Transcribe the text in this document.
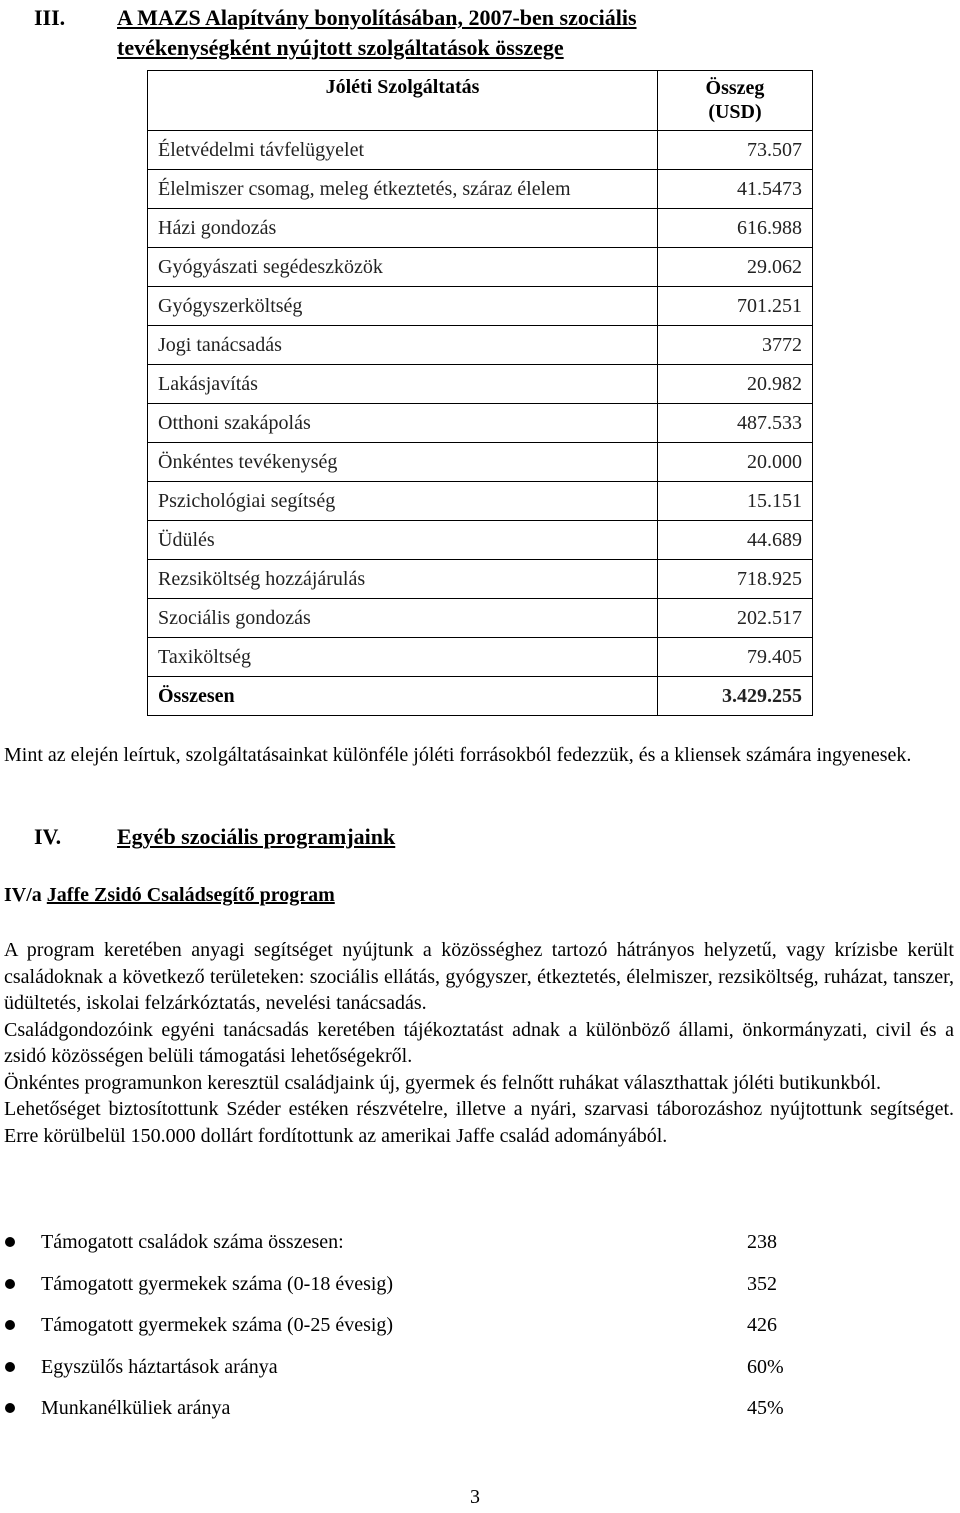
III. A MAZS Alapítvány bonyolításában, 2007-ben szociális
tevékenységként nyújtott szolgáltatások összege
Jóléti Szolgáltatás	Összeg
(USD)

Életvédelmi távfelügyelet	73.507
Élelmiszer csomag, meleg étkeztetés, száraz élelem	41.5473
Házi gondozás	616.988
Gyógyászati segédeszközök	29.062
Gyógyszerköltség	701.251
Jogi tanácsadás	3772
Lakásjavítás	20.982
Otthoni szakápolás	487.533
Önkéntes tevékenység	20.000
Pszichológiai segítség	15.151
Üdülés	44.689
Rezsiköltség hozzájárulás	718.925
Szociális gondozás	202.517
Taxiköltség	79.405
Összesen	3.429.255

Mint az elején leírtuk, szolgáltatásainkat különféle jóléti forrásokból fedezzük, és a kliensek számára ingyenesek.

IV.	Egyéb szociális programjaink
IV/a Jaffe Zsidó Családsegítő program

A program keretében anyagi segítséget nyújtunk a közösséghez tartozó hátrányos helyzetű, vagy krízisbe került családoknak a következő területeken: szociális ellátás, gyógyszer, étkeztetés, élelmiszer, rezsiköltség, ruházat, tanszer, üdültetés, iskolai felzárkóztatás, nevelési tanácsadás.

Családgondozóink egyéni tanácsadás keretében tájékoztatást adnak a különböző állami, önkormányzati, civil és a zsidó közösségen belüli támogatási lehetőségekről.

Önkéntes programunkon keresztül családjaink új, gyermek és felnőtt ruhákat választhattak jóléti butikunkból.

Lehetőséget biztosítottunk Széder estéken részvételre, illetve a nyári, szarvasi táborozáshoz nyújtottunk segítséget. Erre körülbelül 150.000 dollárt fordítottunk az amerikai Jaffe család adományából.

Támogatott családok száma összesen:	238
Támogatott gyermekek száma (0-18 évesig)	352
Támogatott gyermekek száma (0-25 évesig)	426
Egyszülős háztartások aránya	60%
Munkanélküliek aránya	45%
3
